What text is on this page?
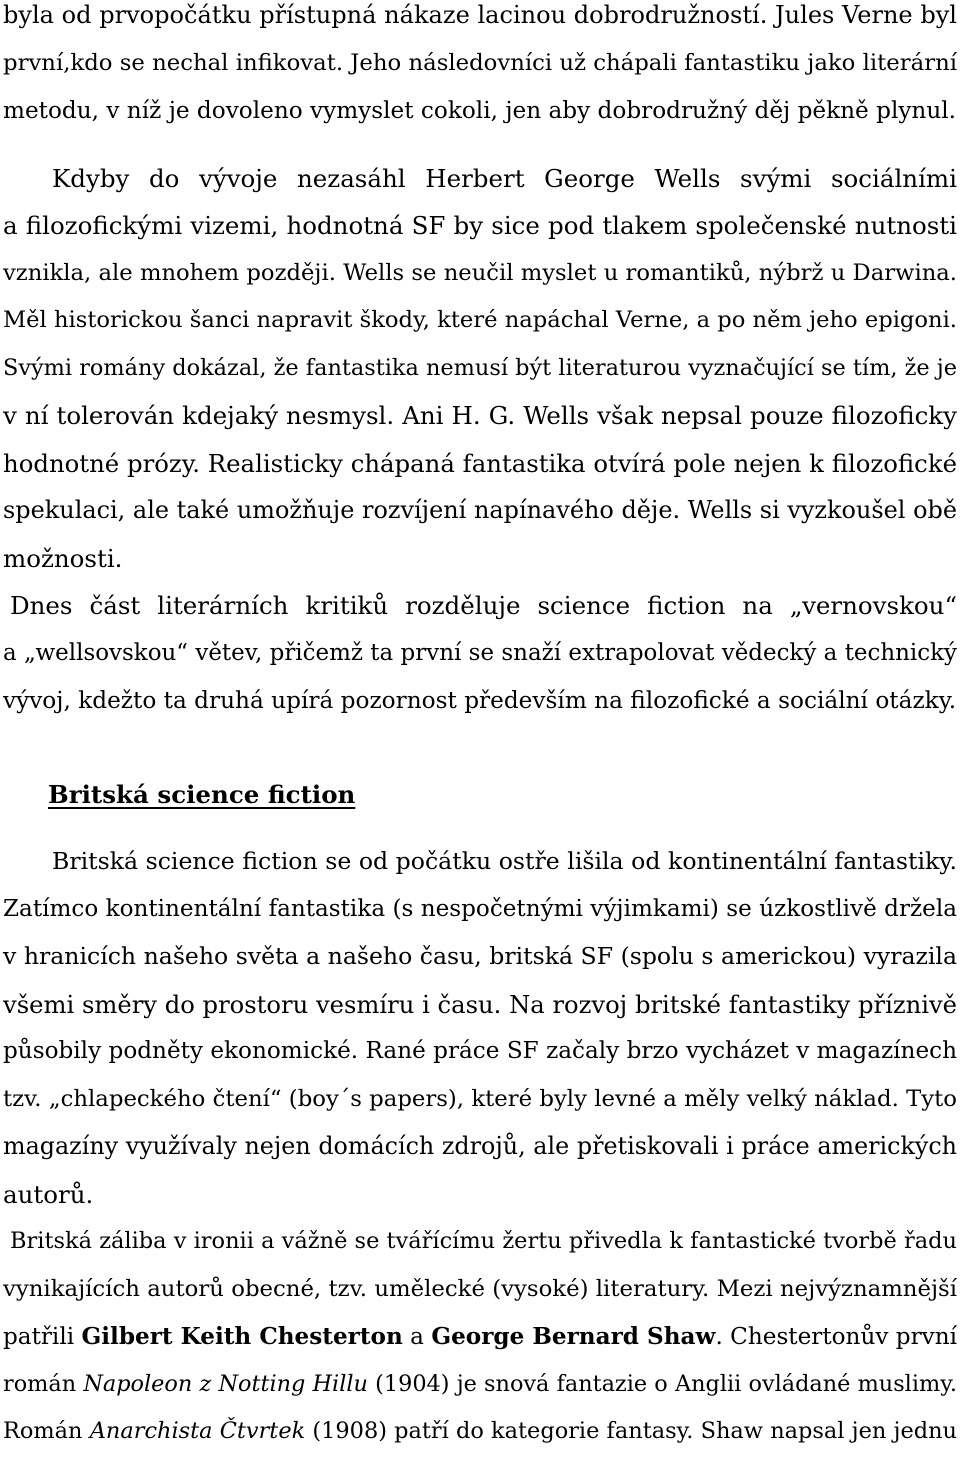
byla od prvopočátku přístupná nákaze lacinou dobrodružností. Jules Verne byl
první,kdo se nechal infikovat. Jeho následovníci už chápali fantastiku jako literární
metodu, v níž je dovoleno vymyslet cokoli, jen aby dobrodružný děj pěkně plynul.
Kdyby do vývoje nezasáhl Herbert George Wells svými sociálními
a filozofickými vizemi, hodnotná SF by sice pod tlakem společenské nutnosti
vznikla, ale mnohem později. Wells se neučil myslet u romantiků, nýbrž u Darwina.
Měl historickou šanci napravit škody, které napáchal Verne, a po něm jeho epigoni.
Svými romány dokázal, že fantastika nemusí být literaturou vyznačující se tím, že je
v ní tolerován kdejaký nesmysl. Ani H. G. Wells však nepsal pouze filozoficky
hodnotné prózy. Realisticky chápaná fantastika otvírá pole nejen k filozofické
spekulaci, ale také umožňuje rozvíjení napínavého děje. Wells si vyzkoušel obě
možnosti.
Dnes část literárních kritiků rozděluje science fiction na „vernovskou“
a „wellsovskou“ větev, přičemž ta první se snaží extrapolovat vědecký a technický
vývoj, kdežto ta druhá upírá pozornost především na filozofické a sociální otázky.
Britská science fiction
Britská science fiction se od počátku ostře lišila od kontinentální fantastiky.
Zatímco kontinentální fantastika (s nespočetnými výjimkami) se úzkostlivě držela
v hranicích našeho světa a našeho času, britská SF (spolu s americkou) vyrazila
všemi směry do prostoru vesmíru i času. Na rozvoj britské fantastiky příznivě
působily podněty ekonomické. Rané práce SF začaly brzo vycházet v magazínech
tzv. „chlapeckého čtení“ (boy´s papers), které byly levné a měly velký náklad. Tyto
magazíny využívaly nejen domácích zdrojů, ale přetiskovali i práce amerických
autorů.
Britská záliba v ironii a vážně se tvářícímu žertu přivedla k fantastické tvorbě řadu
vynikajících autorů obecné, tzv. umělecké (vysoké) literatury. Mezi nejvýznamnější
patřili Gilbert Keith Chesterton a George Bernard Shaw. Chestertonův první
román Napoleon z Notting Hillu (1904) je snová fantazie o Anglii ovládané muslimy.
Román Anarchista Čtvrtek (1908) patří do kategorie fantasy. Shaw napsal jen jednu
